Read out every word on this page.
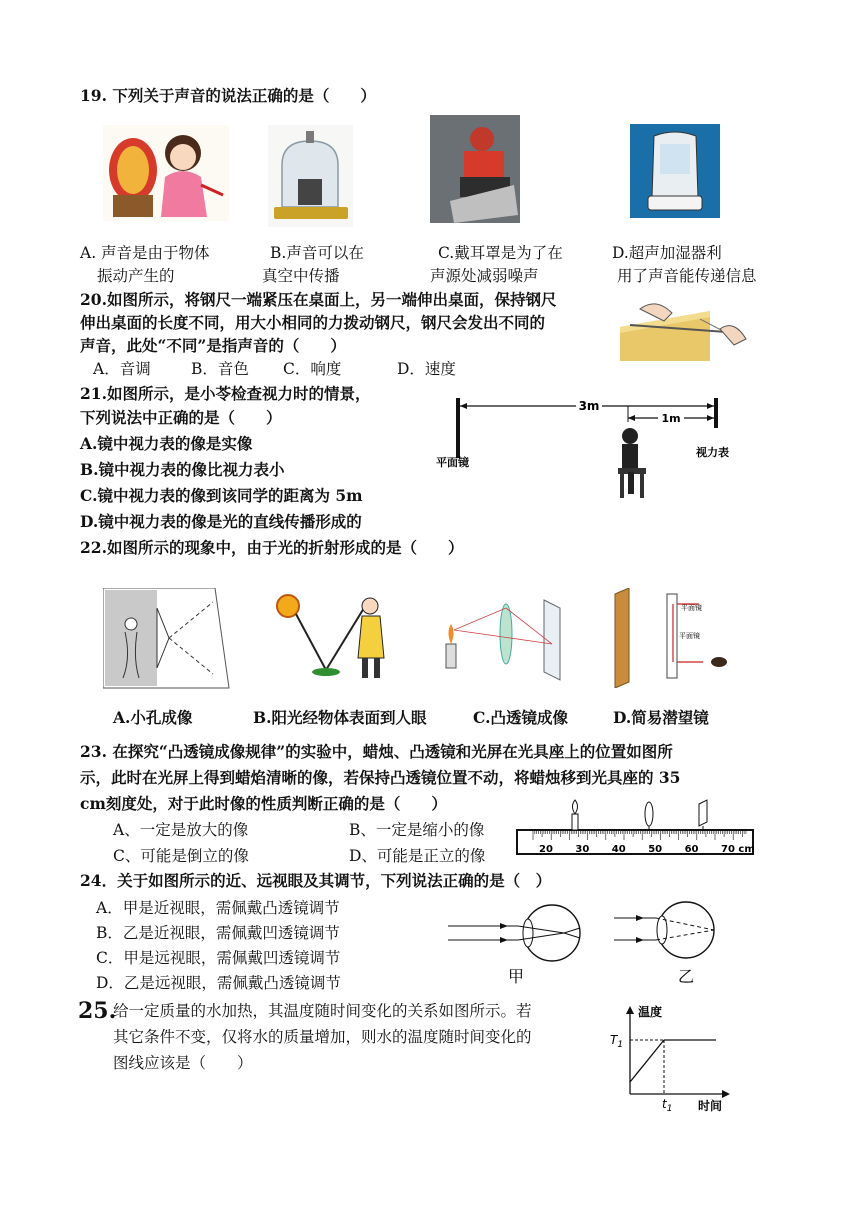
19. 下列关于声音的说法正确的是（　　）
A. 声音是由于物体
振动产生的
B.声音可以在
真空中传播
C.戴耳罩是为了在
声源处减弱噪声
D.超声加湿器利
用了声音能传递信息
20.如图所示，将钢尺一端紧压在桌面上，另一端伸出桌面，保持钢尺
伸出桌面的长度不同，用大小相同的力拨动钢尺，钢尺会发出不同的
声音，此处“不同”是指声音的（　　）
A．音调	B．音色 C．响度	D．速度
21.如图所示，是小苓检查视力时的情景，
下列说法中正确的是（　　）
A.镜中视力表的像是实像
B.镜中视力表的像比视力表小
C.镜中视力表的像到该同学的距离为 5m
D.镜中视力表的像是光的直线传播形成的
3m
1m
平面镜
视力表
22.如图所示的现象中，由于光的折射形成的是（　　）
平面镜
平面镜
A.小孔成像	B.阳光经物体表面到人眼	C.凸透镜成像	D.简易潜望镜
23. 在探究“凸透镜成像规律”的实验中，蜡烛、凸透镜和光屏在光具座上的位置如图所
示，此时在光屏上得到蜡焰清晰的像，若保持凸透镜位置不动，将蜡烛移到光具座的 35
cm刻度处，对于此时像的性质判断正确的是（　　）
A、一定是放大的像	B、一定是缩小的像
C、可能是倒立的像	D、可能是正立的像	20 30 40 50 60 70 cm
24．关于如图所示的近、远视眼及其调节，下列说法正确的是（　）
A．甲是近视眼，需佩戴凸透镜调节
B．乙是近视眼，需佩戴凹透镜调节
C．甲是远视眼，需佩戴凹透镜调节
D．乙是远视眼，需佩戴凸透镜调节	甲	乙
25.
给一定质量的水加热，其温度随时间变化的关系如图所示。若
其它条件不变，仅将水的质量增加，则水的温度随时间变化的
图线应该是（　　）
温度
时间
$T_1$
$t_1$
